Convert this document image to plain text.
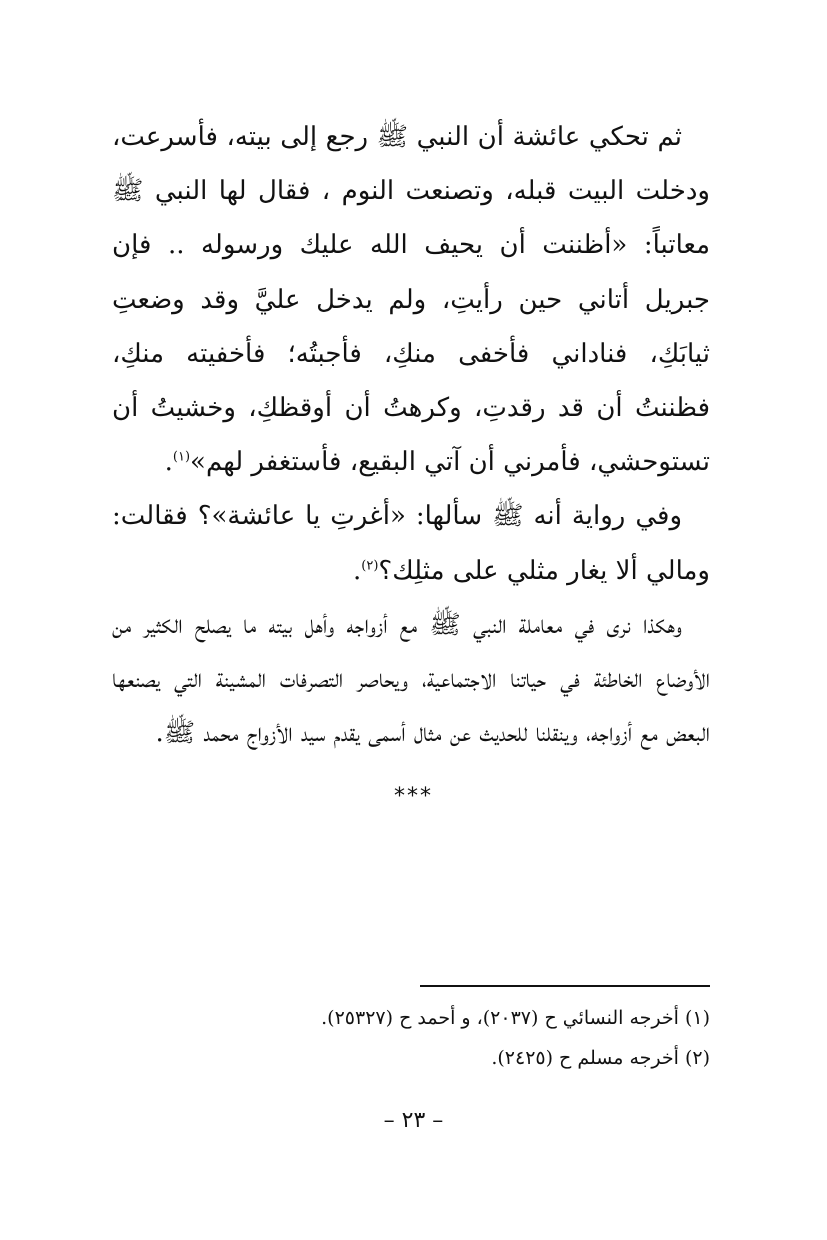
ثم تحكي عائشة أن النبي ﷺ رجع إلى بيته، فأسرعت، ودخلت البيت قبله، وتصنعت النوم ، فقال لها النبي ﷺ معاتباً: «أظننت أن يحيف الله عليك ورسوله .. فإن جبريل أتاني حين رأيتِ، ولم يدخل عليَّ وقد وضعتِ ثيابَكِ، فناداني فأخفى منكِ، فأجبتُه؛ فأخفيته منكِ، فظننتُ أن قد رقدتِ، وكرهتُ أن أوقظكِ، وخشيتُ أن تستوحشي، فأمرني أن آتي البقيع، فأستغفر لهم»$^{(١)}$.

وفي رواية أنه ﷺ سألها: «أغرتِ يا عائشة»؟ فقالت: ومالي ألا يغار مثلي على مثلِك؟$^{(٢)}$.

وهكذا نرى في معاملة النبي ﷺ مع أزواجه وأهل بيته ما يصلح الكثير من الأوضاع الخاطئة في حياتنا الاجتماعية، ويحاصر التصرفات المشينة التي يصنعها البعض مع أزواجه، وينقلنا للحديث عن مثال أسمى يقدم سيد الأزواج محمد ﷺ.

***

(١) أخرجه النسائي ح (٢٠٣٧)، و أحمد ح (٢٥٣٢٧).

(٢) أخرجه مسلم ح (٢٤٢٥).

– ٢٣ –
